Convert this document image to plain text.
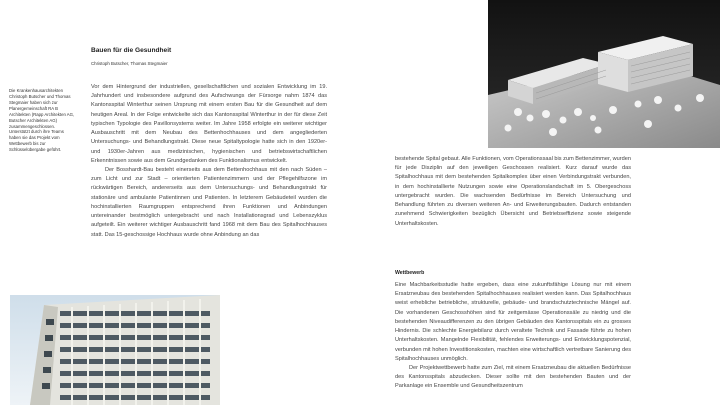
Die Krankenhausarchitekten Christoph Butscher und Thomas Stegmaier haben sich zur Planergemeinschaft RA B Architekten (Rapp Architekten AG, Butscher Architekten AG) zusammengeschlossen. Unterstützt durch ihre Teams haben sie das Projekt vom Wettbewerb bis zur Schlüsselübergabe geführt.
Bauen für die Gesundheit
Christoph Butscher, Thomas Stegmaier

Vor dem Hintergrund der industriellen, gesellschaftlichen und sozialen Entwicklung im 19. Jahrhundert und insbesondere aufgrund des Aufschwungs der Fürsorge nahm 1874 das Kantonsspital Winterthur seinen Ursprung mit einem ersten Bau für die Gesundheit auf dem heutigen Areal. In der Folge entwickelte sich das Kantonsspital Winterthur in der für diese Zeit typischen Typologie des Pavillonsystems weiter. Im Jahre 1958 erfolgte ein weiterer wichtiger Ausbauschritt mit dem Neubau des Bettenhochhauses und dem angegliederten Untersuchungs- und Behandlungstrakt. Diese neue Spitaltypologie hatte sich in den 1920er- und 1930er-Jahren aus medizinischen, hygienischen und betriebswirtschaftlichen Erkenntnissen sowie aus dem Grundgedanken des Funktionalismus entwickelt.

Der Bosshardt-Bau besteht einerseits aus dem Bettenhochhaus mit den nach Süden – zum Licht und zur Stadt – orientierten Patientenzimmern und der Pflegehilfszone im rückwärtigen Bereich, andererseits aus dem Untersuchungs- und Behandlungstrakt für stationäre und ambulante Patientinnen und Patienten. In letzterem Gebäudeteil wurden die hochinstallierten Raumgruppen entsprechend ihren Funktionen und Anbindungen untereinander bestmöglich untergebracht und nach Installationsgrad und Lebenszyklus aufgeteilt. Ein weiterer wichtiger Ausbauschritt fand 1968 mit dem Bau des Spitalhochhauses statt. Das 15-geschossige Hochhaus wurde ohne Anbindung an das

bestehende Spital gebaut. Alle Funktionen, vom Operationssaal bis zum Bettenzimmer, wurden für jede Disziplin auf den jeweiligen Geschossen realisiert. Kurz darauf wurde das Spitalhochhaus mit dem bestehenden Spitalkomplex über einen Verbindungstrakt verbunden, in dem hochinstallierte Nutzungen sowie eine Operationslandschaft im 5. Obergeschoss untergebracht wurden. Die wachsenden Bedürfnisse im Bereich Untersuchung und Behandlung führten zu diversen weiteren An- und Erweiterungsbauten. Dadurch entstanden zunehmend Schwierigkeiten bezüglich Übersicht und Betriebseffizienz sowie steigende Unterhaltskosten.
Wettbewerb

Eine Machbarkeitsstudie hatte ergeben, dass eine zukunftsfähige Lösung nur mit einem Ersatzneubau des bestehenden Spitalhochhauses realisiert werden kann. Das Spitalhochhaus weist erhebliche betriebliche, strukturelle, gebäude- und brandschutztechnische Mängel auf. Die vorhandenen Geschosshöhen sind für zeitgemässe Operationssäle zu niedrig und die bestehenden Niveaudifferenzen zu den übrigen Gebäuden des Kantonsspitals ein zu grosses Hindernis. Die schlechte Energiebilanz durch veraltete Technik und Fassade führte zu hohen Unterhaltskosten. Mangelnde Flexibilität, fehlendes Erweiterungs- und Entwicklungspotenzial, verbunden mit hohen Investitionskosten, machten eine wirtschaftlich vertretbare Sanierung des Spitalhochhauses unmöglich.

Der Projektwettbewerb hatte zum Ziel, mit einem Ersatzneubau die aktuellen Bedürfnisse des Kantonsspitals abzudecken. Dieser sollte mit den bestehenden Bauten und der Parkanlage ein Ensemble und Gesundheitszentrum
